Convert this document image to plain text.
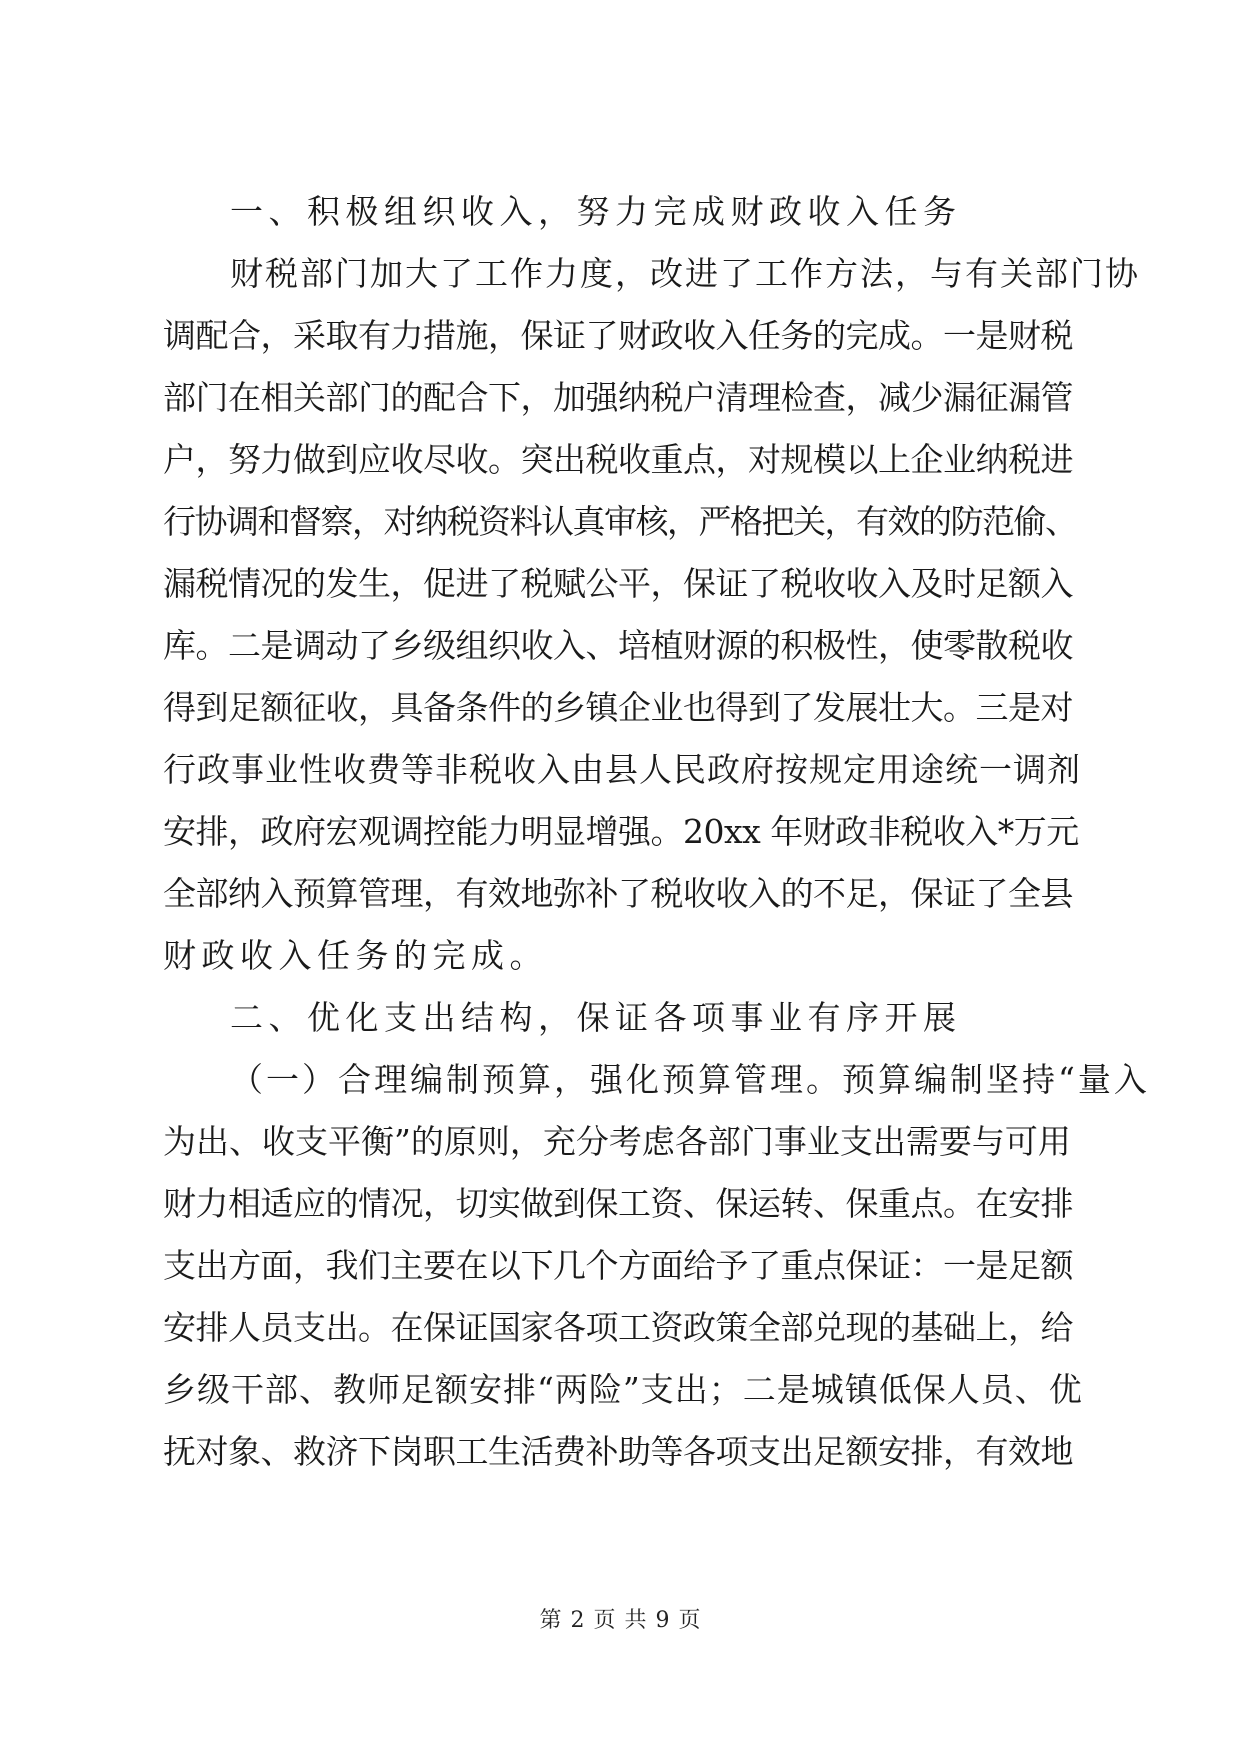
一、积极组织收入，努力完成财政收入任务
财税部门加大了工作力度，改进了工作方法，与有关部门协
调配合，采取有力措施，保证了财政收入任务的完成。一是财税
部门在相关部门的配合下，加强纳税户清理检查，减少漏征漏管
户，努力做到应收尽收。突出税收重点，对规模以上企业纳税进
行协调和督察，对纳税资料认真审核，严格把关，有效的防范偷、
漏税情况的发生，促进了税赋公平，保证了税收收入及时足额入
库。二是调动了乡级组织收入、培植财源的积极性，使零散税收
得到足额征收，具备条件的乡镇企业也得到了发展壮大。三是对
行政事业性收费等非税收入由县人民政府按规定用途统一调剂
安排，政府宏观调控能力明显增强。20xx 年财政非税收入*万元
全部纳入预算管理，有效地弥补了税收收入的不足，保证了全县
财政收入任务的完成。
二、优化支出结构，保证各项事业有序开展
（一）合理编制预算，强化预算管理。预算编制坚持“量入
为出、收支平衡”的原则，充分考虑各部门事业支出需要与可用
财力相适应的情况，切实做到保工资、保运转、保重点。在安排
支出方面，我们主要在以下几个方面给予了重点保证：一是足额
安排人员支出。在保证国家各项工资政策全部兑现的基础上，给
乡级干部、教师足额安排“两险”支出；二是城镇低保人员、优
抚对象、救济下岗职工生活费补助等各项支出足额安排，有效地
第 2 页 共 9 页
